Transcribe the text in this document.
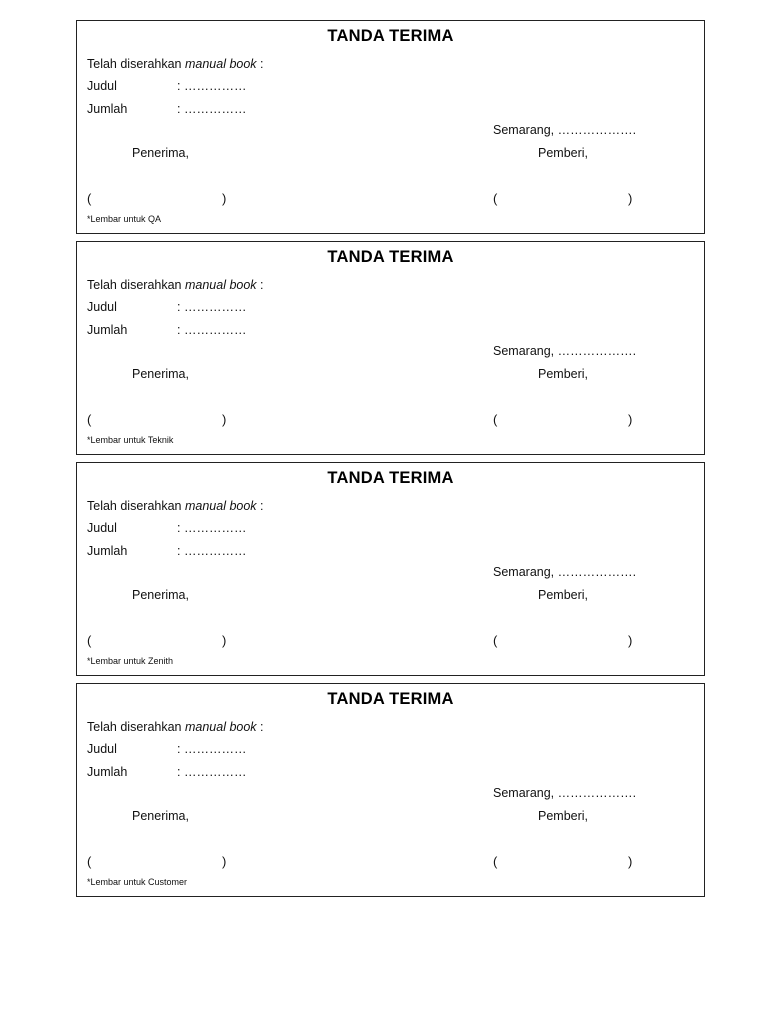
TANDA TERIMA
Telah diserahkan manual book :
Judul	: ……………
Jumlah	: ……………
Semarang, ……………….
Penerima,	Pemberi,
(	)	(	)
*Lembar untuk QA
TANDA TERIMA
Telah diserahkan manual book :
Judul	: ……………
Jumlah	: ……………
Semarang, ……………….
Penerima,	Pemberi,
(	)	(	)
*Lembar untuk Teknik
TANDA TERIMA
Telah diserahkan manual book :
Judul	: ……………
Jumlah	: ……………
Semarang, ……………….
Penerima,	Pemberi,
(	)	(	)
*Lembar untuk Zenith
TANDA TERIMA
Telah diserahkan manual book :
Judul	: ……………
Jumlah	: ……………
Semarang, ……………….
Penerima,	Pemberi,
(	)	(	)
*Lembar untuk Customer
